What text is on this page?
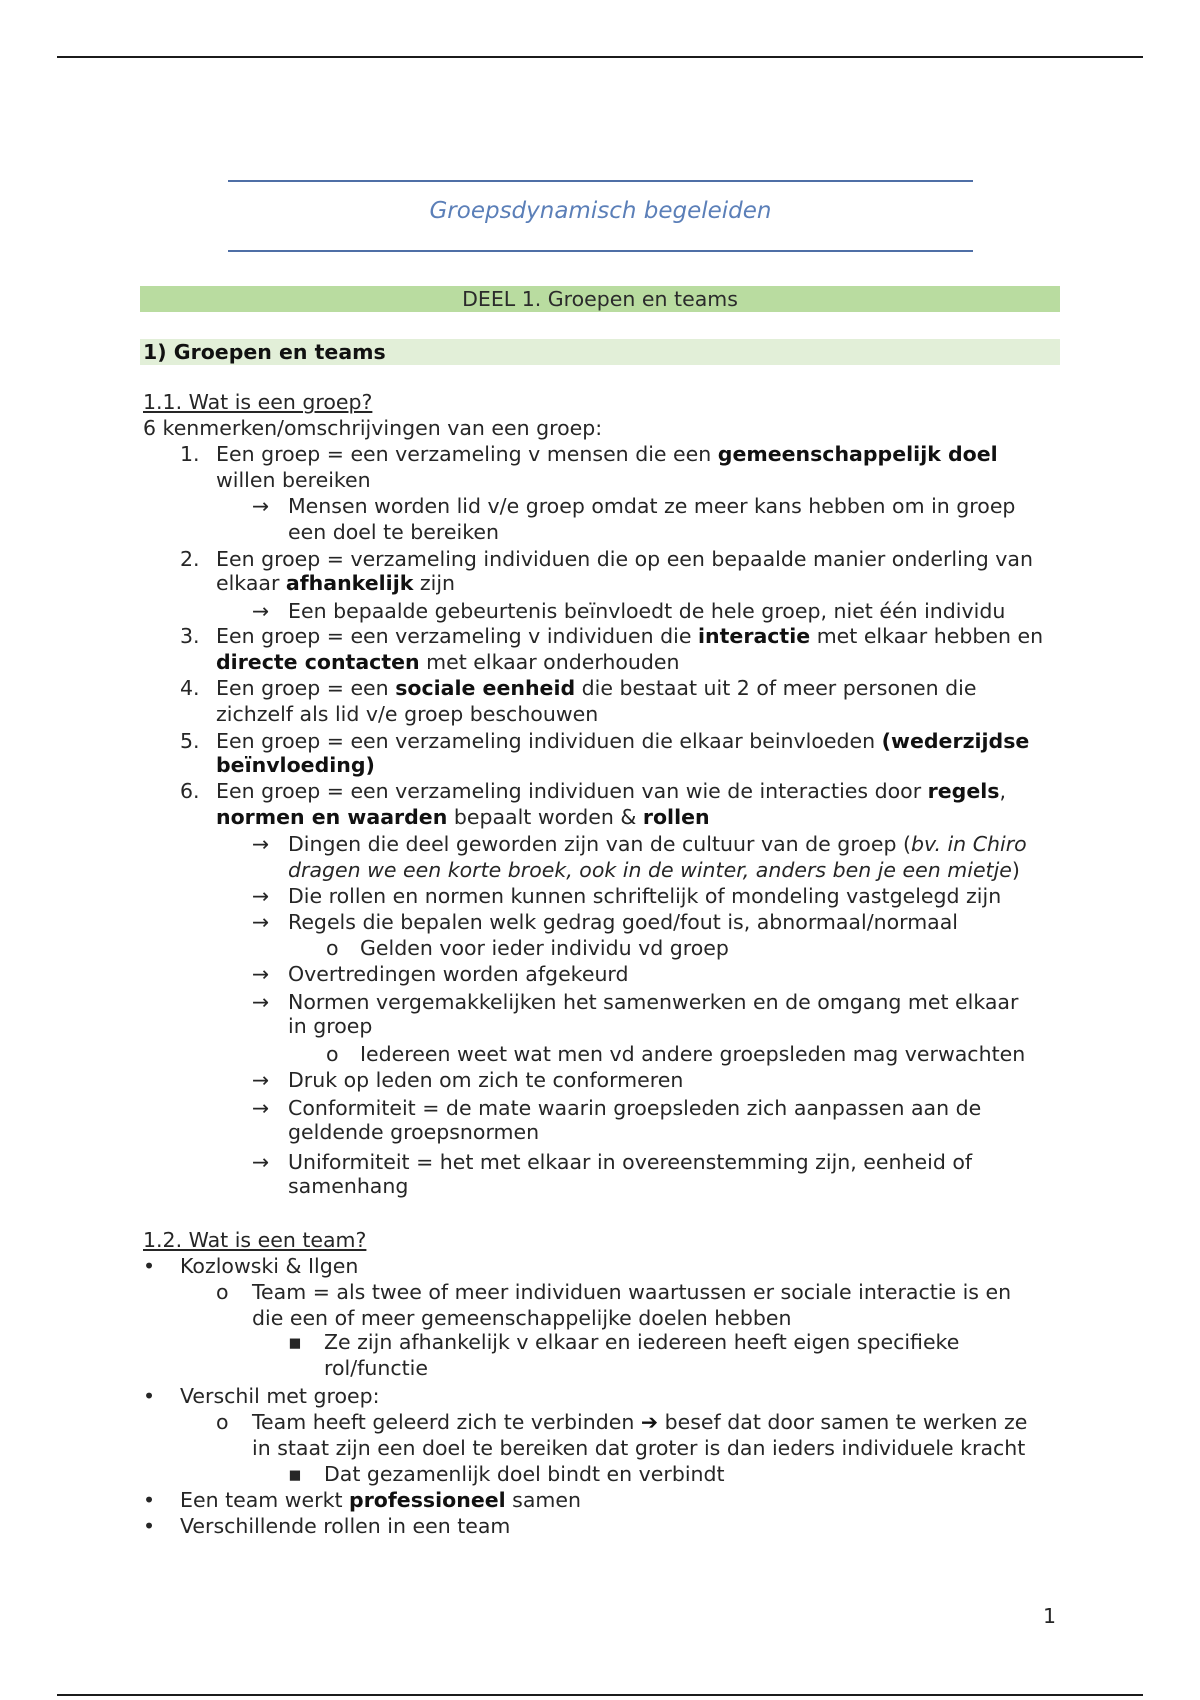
Groepsdynamisch begeleiden
DEEL 1. Groepen en teams
1) Groepen en teams
1.1. Wat is een groep?
6 kenmerken/omschrijvingen van een groep:
1. Een groep = een verzameling v mensen die een gemeenschappelijk doel
willen bereiken
→ Mensen worden lid v/e groep omdat ze meer kans hebben om in groep
een doel te bereiken
2. Een groep = verzameling individuen die op een bepaalde manier onderling van
elkaar afhankelijk zijn
→ Een bepaalde gebeurtenis beïnvloedt de hele groep, niet één individu
3. Een groep = een verzameling v individuen die interactie met elkaar hebben en
directe contacten met elkaar onderhouden
4. Een groep = een sociale eenheid die bestaat uit 2 of meer personen die
zichzelf als lid v/e groep beschouwen
5. Een groep = een verzameling individuen die elkaar beinvloeden (wederzijdse
beïnvloeding)
6. Een groep = een verzameling individuen van wie de interacties door regels,
normen en waarden bepaalt worden & rollen
→ Dingen die deel geworden zijn van de cultuur van de groep (bv. in Chiro
dragen we een korte broek, ook in de winter, anders ben je een mietje)
→ Die rollen en normen kunnen schriftelijk of mondeling vastgelegd zijn
→ Regels die bepalen welk gedrag goed/fout is, abnormaal/normaal
o Gelden voor ieder individu vd groep
→ Overtredingen worden afgekeurd
→ Normen vergemakkelijken het samenwerken en de omgang met elkaar
in groep
o Iedereen weet wat men vd andere groepsleden mag verwachten
→ Druk op leden om zich te conformeren
→ Conformiteit = de mate waarin groepsleden zich aanpassen aan de
geldende groepsnormen
→ Uniformiteit = het met elkaar in overeenstemming zijn, eenheid of
samenhang
1.2. Wat is een team?
• Kozlowski & Ilgen
o Team = als twee of meer individuen waartussen er sociale interactie is en
die een of meer gemeenschappelijke doelen hebben
▪ Ze zijn afhankelijk v elkaar en iedereen heeft eigen specifieke
rol/functie
• Verschil met groep:
o Team heeft geleerd zich te verbinden ➔ besef dat door samen te werken ze
in staat zijn een doel te bereiken dat groter is dan ieders individuele kracht
▪ Dat gezamenlijk doel bindt en verbindt
• Een team werkt professioneel samen
• Verschillende rollen in een team
1
